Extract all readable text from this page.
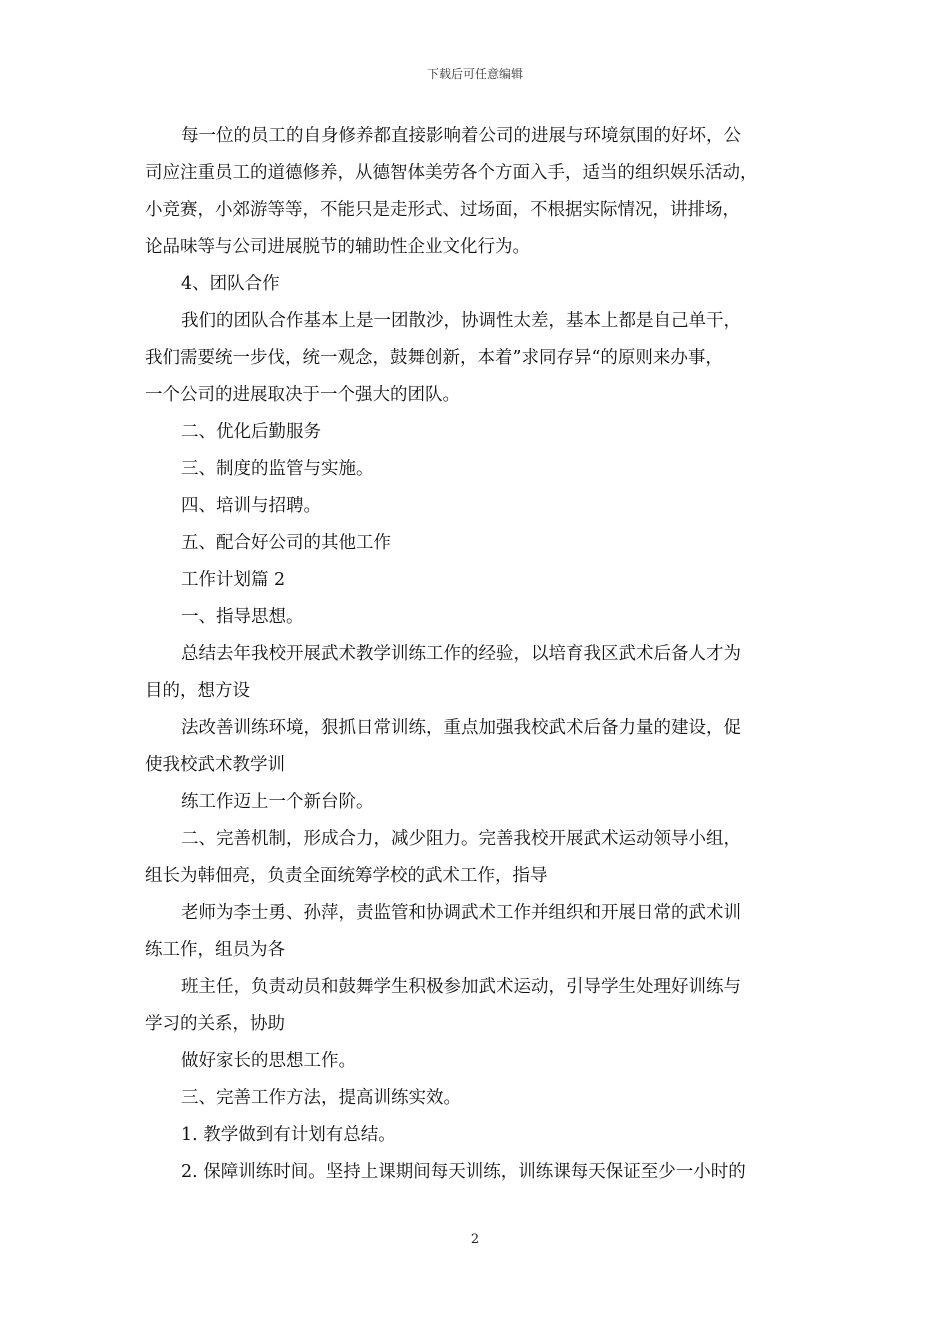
下载后可任意编辑

每一位的员工的自身修养都直接影响着公司的进展与环境氛围的好坏，公

司应注重员工的道德修养，从德智体美劳各个方面入手，适当的组织娱乐活动，

小竞赛，小郊游等等，不能只是走形式、过场面，不根据实际情况，讲排场，

论品味等与公司进展脱节的辅助性企业文化行为。

4、团队合作

我们的团队合作基本上是一团散沙，协调性太差，基本上都是自己单干，

我们需要统一步伐，统一观念，鼓舞创新，本着”求同存异“的原则来办事，

一个公司的进展取决于一个强大的团队。

二、优化后勤服务

三、制度的监管与实施。

四、培训与招聘。

五、配合好公司的其他工作

工作计划篇 2

一、指导思想。

总结去年我校开展武术教学训练工作的经验，以培育我区武术后备人才为

目的，想方设

法改善训练环境，狠抓日常训练，重点加强我校武术后备力量的建设，促

使我校武术教学训

练工作迈上一个新台阶。

二、完善机制，形成合力，减少阻力。完善我校开展武术运动领导小组，

组长为韩佃亮，负责全面统筹学校的武术工作，指导

老师为李士勇、孙萍，责监管和协调武术工作并组织和开展日常的武术训

练工作，组员为各

班主任，负责动员和鼓舞学生积极参加武术运动，引导学生处理好训练与

学习的关系，协助

做好家长的思想工作。

三、完善工作方法，提高训练实效。

1. 教学做到有计划有总结。

2. 保障训练时间。坚持上课期间每天训练，训练课每天保证至少一小时的

2
